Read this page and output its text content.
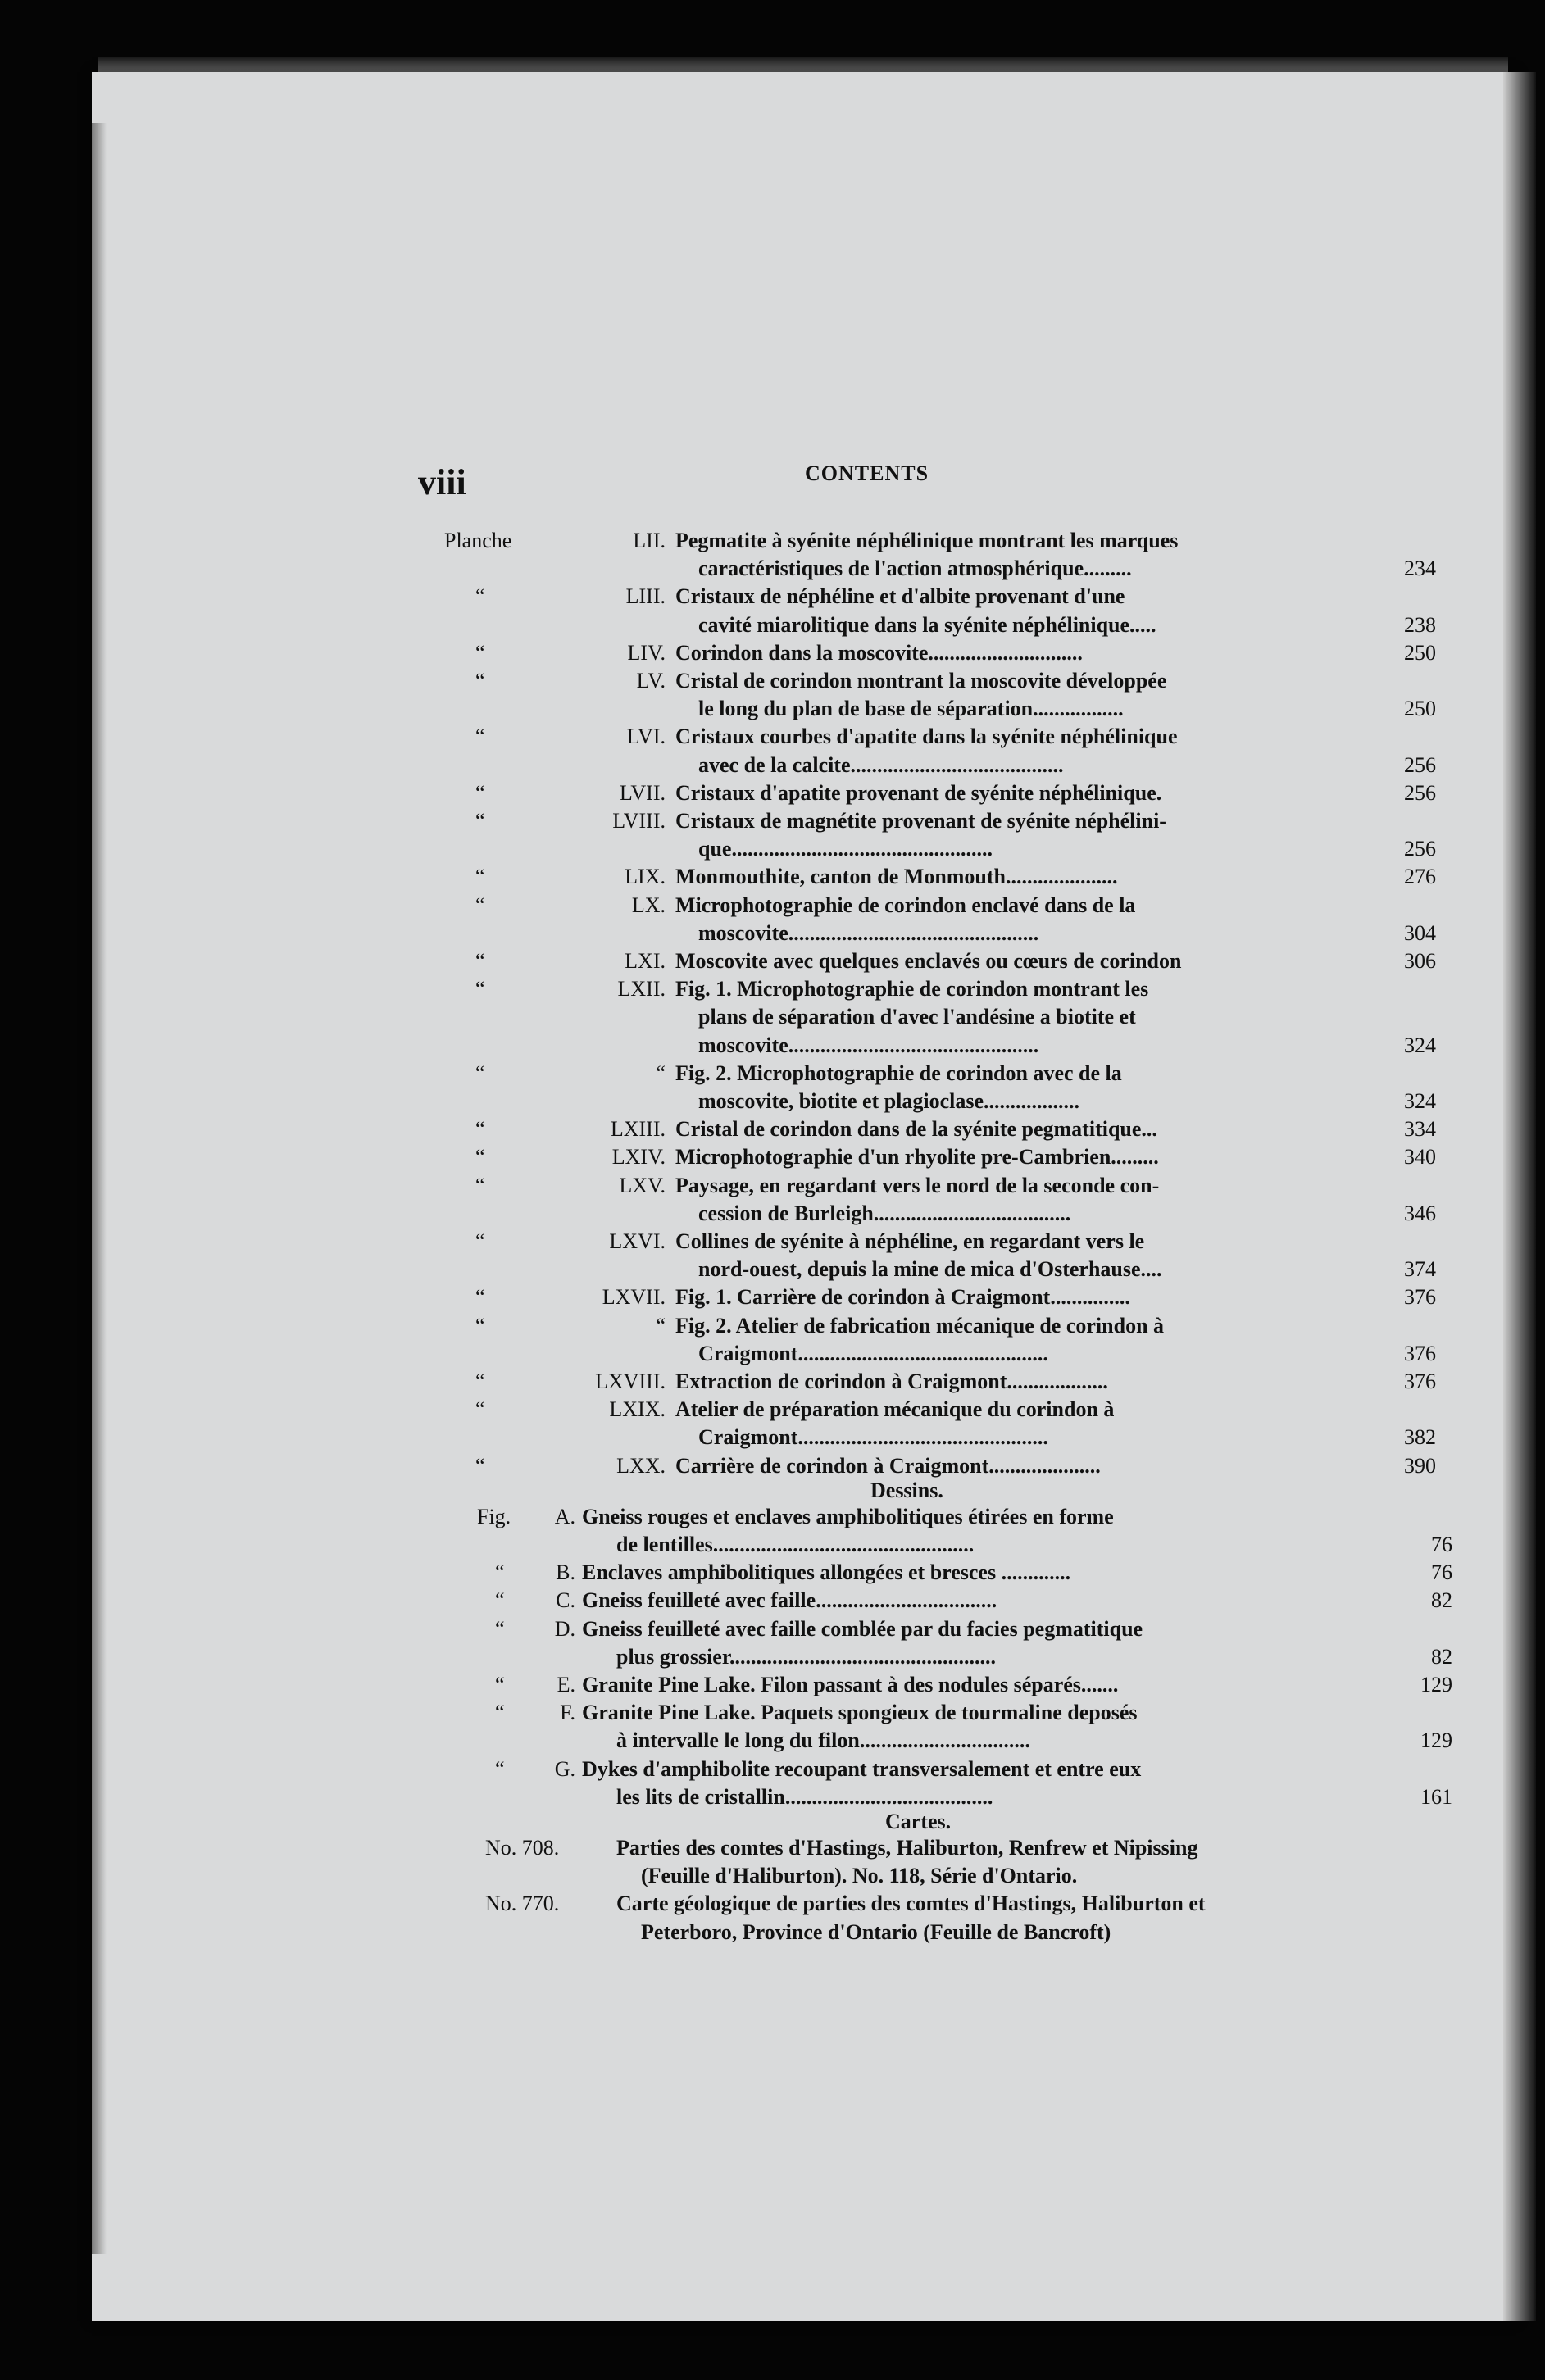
viii	CONTENTS
Planche	LII. Pegmatite à syénite néphélinique montrant les marques
caractéristiques de l'action atmosphérique.........	234
“	LIII. Cristaux de néphéline et d'albite provenant d'une
cavité miarolitique dans la syénite néphélinique.....	238
“	LIV. Corindon dans la moscovite.............................	250
“	LV. Cristal de corindon montrant la moscovite développée
le long du plan de base de séparation.................	250
“	LVI. Cristaux courbes d'apatite dans la syénite néphélinique
avec de la calcite........................................	256
“	LVII. Cristaux d'apatite provenant de syénite néphélinique.	256
“	LVIII. Cristaux de magnétite provenant de syénite néphélini-
que.................................................	256
“	LIX. Monmouthite, canton de Monmouth.....................	276
“	LX. Microphotographie de corindon enclavé dans de la
moscovite...............................................	304
“	LXI. Moscovite avec quelques enclavés ou cœurs de corindon	306
“	LXII. Fig. 1. Microphotographie de corindon montrant les
plans de séparation d'avec l'andésine a biotite et
moscovite...............................................	324
“	“ Fig. 2. Microphotographie de corindon avec de la
moscovite, biotite et plagioclase..................	324
“	LXIII. Cristal de corindon dans de la syénite pegmatitique...	334
“	LXIV. Microphotographie d'un rhyolite pre-Cambrien.........	340
“	LXV. Paysage, en regardant vers le nord de la seconde con-
cession de Burleigh.....................................	346
“	LXVI. Collines de syénite à néphéline, en regardant vers le
nord-ouest, depuis la mine de mica d'Osterhause....	374
“	LXVII. Fig. 1. Carrière de corindon à Craigmont...............	376
“	“ Fig. 2. Atelier de fabrication mécanique de corindon à
Craigmont...............................................	376
“	LXVIII. Extraction de corindon à Craigmont...................	376
“	LXIX. Atelier de préparation mécanique du corindon à
Craigmont...............................................	382
“	LXX. Carrière de corindon à Craigmont.....................	390
Dessins.
Fig.	A. Gneiss rouges et enclaves amphibolitiques étirées en forme
de lentilles.................................................	76
“	B. Enclaves amphibolitiques allongées et bresces .............	76
“	C. Gneiss feuilleté avec faille..................................	82
“	D. Gneiss feuilleté avec faille comblée par du facies pegmatitique
plus grossier..................................................	82
“	E. Granite Pine Lake. Filon passant à des nodules séparés.......	129
“	F. Granite Pine Lake. Paquets spongieux de tourmaline deposés
à intervalle le long du filon................................	129
“	G. Dykes d'amphibolite recoupant transversalement et entre eux
les lits de cristallin.......................................	161
Cartes.
No. 708.	Parties des comtes d'Hastings, Haliburton, Renfrew et Nipissing
(Feuille d'Haliburton). No. 118, Série d'Ontario.
No. 770.	Carte géologique de parties des comtes d'Hastings, Haliburton et
Peterboro, Province d'Ontario (Feuille de Bancroft)
